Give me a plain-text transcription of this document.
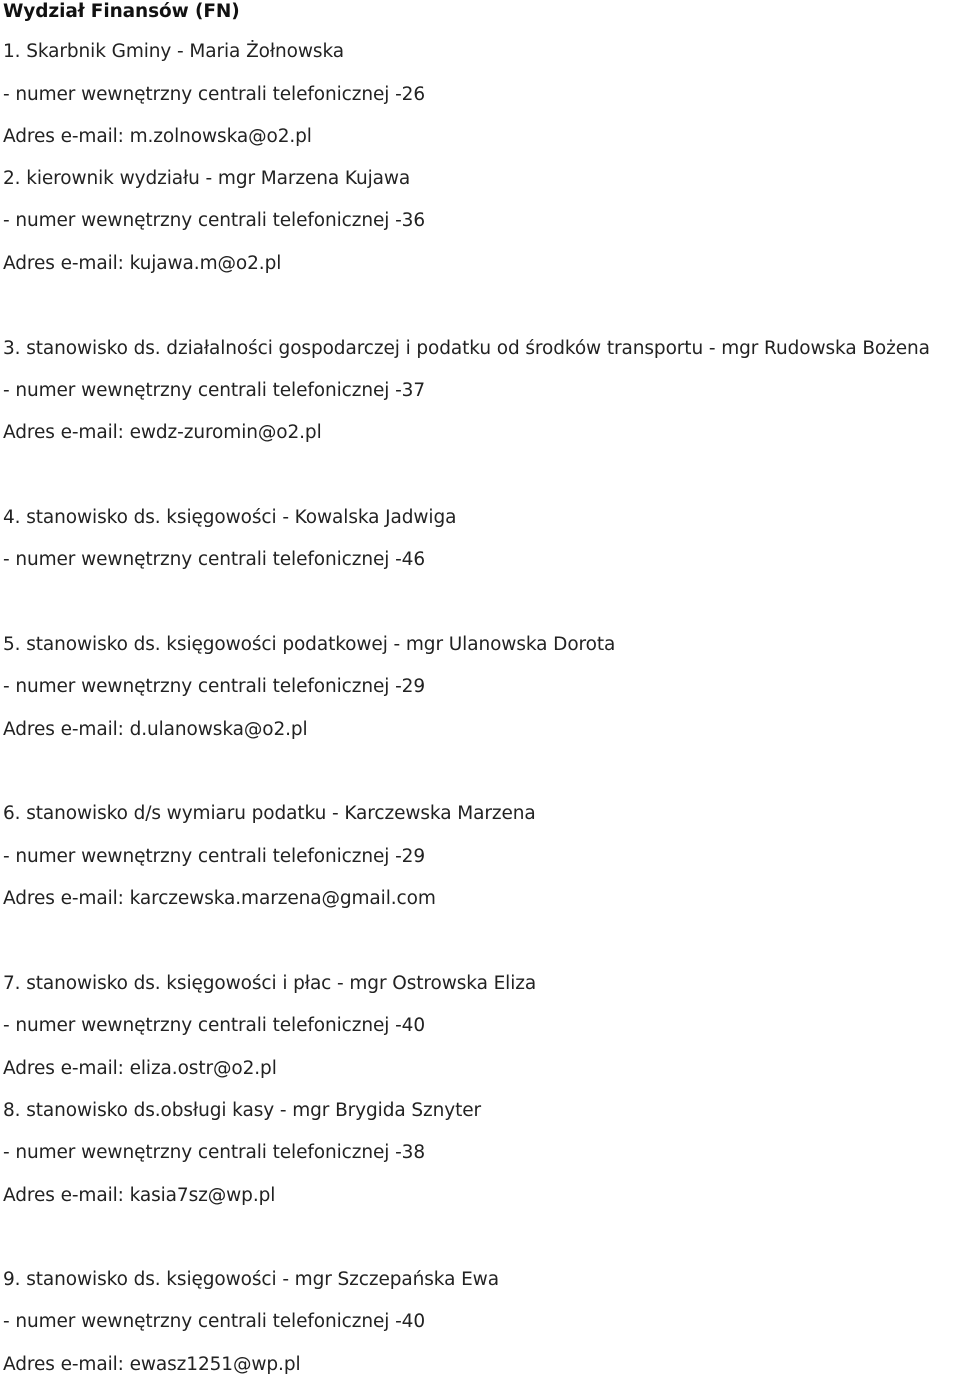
Wydział Finansów (FN)
1. Skarbnik Gminy - Maria Żołnowska
- numer wewnętrzny centrali telefonicznej -26
Adres e-mail: m.zolnowska@o2.pl
2. kierownik wydziału - mgr Marzena Kujawa
- numer wewnętrzny centrali telefonicznej -36
Adres e-mail: kujawa.m@o2.pl
3. stanowisko ds. działalności gospodarczej i podatku od środków transportu - mgr Rudowska Bożena
- numer wewnętrzny centrali telefonicznej -37
Adres e-mail: ewdz-zuromin@o2.pl
4. stanowisko ds. księgowości - Kowalska Jadwiga
- numer wewnętrzny centrali telefonicznej -46
5. stanowisko ds. księgowości podatkowej - mgr Ulanowska Dorota
- numer wewnętrzny centrali telefonicznej -29
Adres e-mail: d.ulanowska@o2.pl
6. stanowisko d/s wymiaru podatku - Karczewska Marzena
- numer wewnętrzny centrali telefonicznej -29
Adres e-mail: karczewska.marzena@gmail.com
7. stanowisko ds. księgowości i płac - mgr Ostrowska Eliza
- numer wewnętrzny centrali telefonicznej -40
Adres e-mail: eliza.ostr@o2.pl
8. stanowisko ds.obsługi kasy - mgr Brygida Sznyter
- numer wewnętrzny centrali telefonicznej -38
Adres e-mail: kasia7sz@wp.pl
9. stanowisko ds. księgowości - mgr Szczepańska Ewa
- numer wewnętrzny centrali telefonicznej -40
Adres e-mail: ewasz1251@wp.pl
